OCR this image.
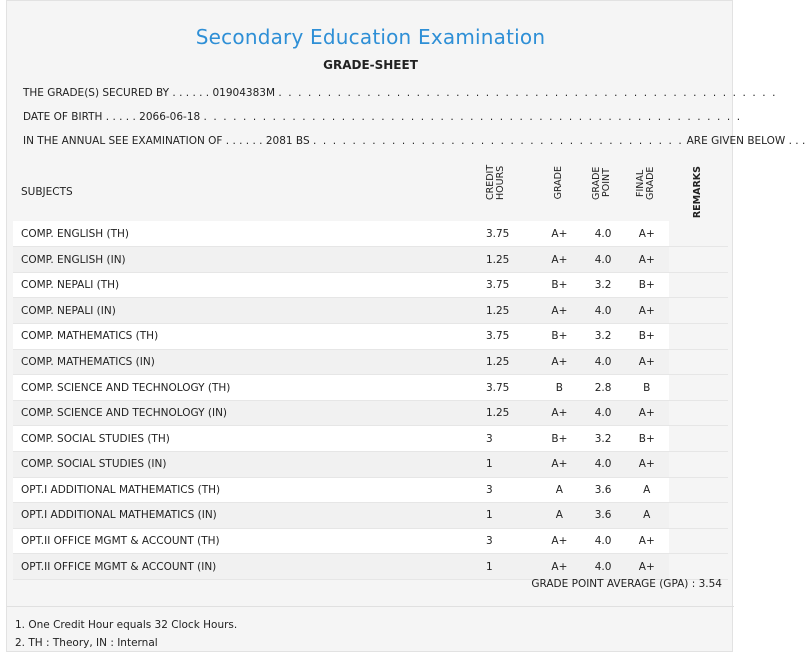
Secondary Education Examination
GRADE-SHEET
THE GRADE(S) SECURED BY . . . . . . 01904383M . . . . . . . . . . . . . . . . . . . . . . . . . . . . . . . . . . . . . . . . . . . . . . . . . . .
DATE OF BIRTH . . . . . 2066-06-18 . . . . . . . . . . . . . . . . . . . . . . . . . . . . . . . . . . . . . . . . . . . . . . . . . . . . . . .
IN THE ANNUAL SEE EXAMINATION OF . . . . . . 2081 BS . . . . . . . . . . . . . . . . . . . . . . . . . . . . . . . . . . . . . . ARE GIVEN BELOW . . .
SUBJECTS	CREDIT HOURS	GRADE	GRADE POINT	FINAL GRADE	REMARKS
COMP. ENGLISH (TH)	3.75	A+	4.0	A+	
COMP. ENGLISH (IN)	1.25	A+	4.0	A+	
COMP. NEPALI (TH)	3.75	B+	3.2	B+	
COMP. NEPALI (IN)	1.25	A+	4.0	A+	
COMP. MATHEMATICS (TH)	3.75	B+	3.2	B+	
COMP. MATHEMATICS (IN)	1.25	A+	4.0	A+	
COMP. SCIENCE AND TECHNOLOGY (TH)	3.75	B	2.8	B	
COMP. SCIENCE AND TECHNOLOGY (IN)	1.25	A+	4.0	A+	
COMP. SOCIAL STUDIES (TH)	3	B+	3.2	B+	
COMP. SOCIAL STUDIES (IN)	1	A+	4.0	A+	
OPT.I ADDITIONAL MATHEMATICS (TH)	3	A	3.6	A	
OPT.I ADDITIONAL MATHEMATICS (IN)	1	A	3.6	A	
OPT.II OFFICE MGMT & ACCOUNT (TH)	3	A+	4.0	A+	
OPT.II OFFICE MGMT & ACCOUNT (IN)	1	A+	4.0	A+	
GRADE POINT AVERAGE (GPA) : 3.54
1. One Credit Hour equals 32 Clock Hours.
2. TH : Theory, IN : Internal
